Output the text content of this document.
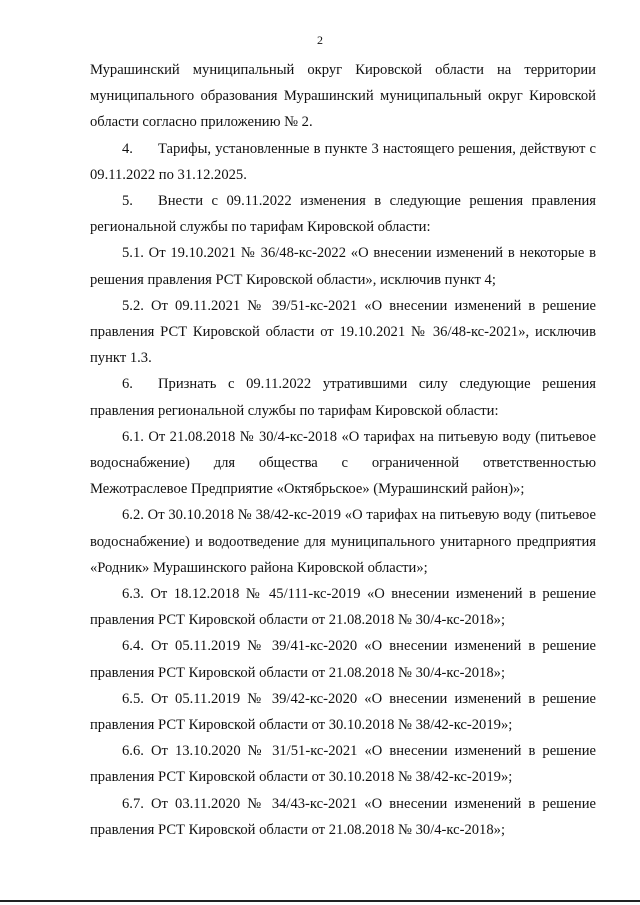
2

Мурашинский муниципальный округ Кировской области на территории муниципального образования Мурашинский муниципальный округ Кировской области согласно приложению № 2.

4. Тарифы, установленные в пункте 3 настоящего решения, действуют с 09.11.2022 по 31.12.2025.

5. Внести с 09.11.2022 изменения в следующие решения правления региональной службы по тарифам Кировской области:

5.1. От 19.10.2021 № 36/48-кс-2022 «О внесении изменений в некоторые в решения правления РСТ Кировской области», исключив пункт 4;

5.2. От 09.11.2021 № 39/51-кс-2021 «О внесении изменений в решение правления РСТ Кировской области от 19.10.2021 № 36/48-кс-2021», исключив пункт 1.3.

6. Признать с 09.11.2022 утратившими силу следующие решения правления региональной службы по тарифам Кировской области:

6.1. От 21.08.2018 № 30/4-кс-2018 «О тарифах на питьевую воду (питьевое водоснабжение) для общества с ограниченной ответственностью Межотраслевое Предприятие «Октябрьское» (Мурашинский район)»;

6.2. От 30.10.2018 № 38/42-кс-2019 «О тарифах на питьевую воду (питьевое водоснабжение) и водоотведение для муниципального унитарного предприятия «Родник» Мурашинского района Кировской области»;

6.3. От 18.12.2018 № 45/111-кс-2019 «О внесении изменений в решение правления РСТ Кировской области от 21.08.2018 № 30/4-кс-2018»;

6.4. От 05.11.2019 № 39/41-кс-2020 «О внесении изменений в решение правления РСТ Кировской области от 21.08.2018 № 30/4-кс-2018»;

6.5. От 05.11.2019 № 39/42-кс-2020 «О внесении изменений в решение правления РСТ Кировской области от 30.10.2018 № 38/42-кс-2019»;

6.6. От 13.10.2020 № 31/51-кс-2021 «О внесении изменений в решение правления РСТ Кировской области от 30.10.2018 № 38/42-кс-2019»;

6.7. От 03.11.2020 № 34/43-кс-2021 «О внесении изменений в решение правления РСТ Кировской области от 21.08.2018 № 30/4-кс-2018»;
